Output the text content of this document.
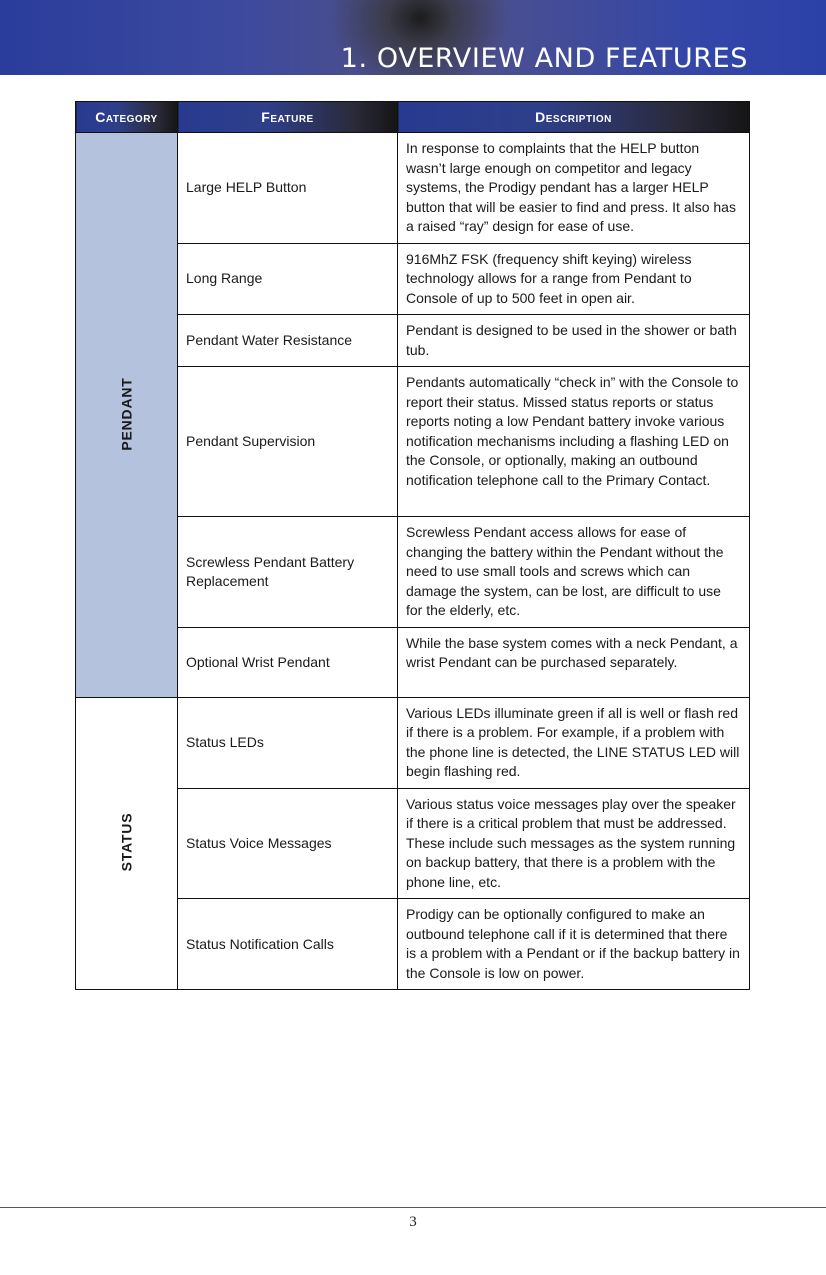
1. OVERVIEW AND FEATURES
Category	Feature	Description
PENDANT	Large HELP Button	In response to complaints that the HELP button wasn’t large enough on competitor and legacy systems, the Prodigy pendant has a larger HELP button that will be easier to find and press. It also has a raised “ray” design for ease of use.
	Long Range	916MhZ FSK (frequency shift keying) wireless technology allows for a range from Pendant to Console of up to 500 feet in open air.
	Pendant Water Resistance	Pendant is designed to be used in the shower or bath tub.
	Pendant Supervision	Pendants automatically “check in” with the Console to report their status. Missed status reports or status reports noting a low Pendant battery invoke various notification mechanisms including a flashing LED on the Console, or optionally, making an outbound notification telephone call to the Primary Contact.
	Screwless Pendant Battery Replacement	Screwless Pendant access allows for ease of changing the battery within the Pendant without the need to use small tools and screws which can damage the system, can be lost, are difficult to use for the elderly, etc.
	Optional Wrist Pendant	While the base system comes with a neck Pendant, a wrist Pendant can be purchased separately.
STATUS	Status LEDs	Various LEDs illuminate green if all is well or flash red if there is a problem. For example, if a problem with the phone line is detected, the LINE STATUS LED will begin flashing red.
	Status Voice Messages	Various status voice messages play over the speaker if there is a critical problem that must be addressed. These include such messages as the system running on backup battery, that there is a problem with the phone line, etc.
	Status Notification Calls	Prodigy can be optionally configured to make an outbound telephone call if it is determined that there is a problem with a Pendant or if the backup battery in the Console is low on power.
3
